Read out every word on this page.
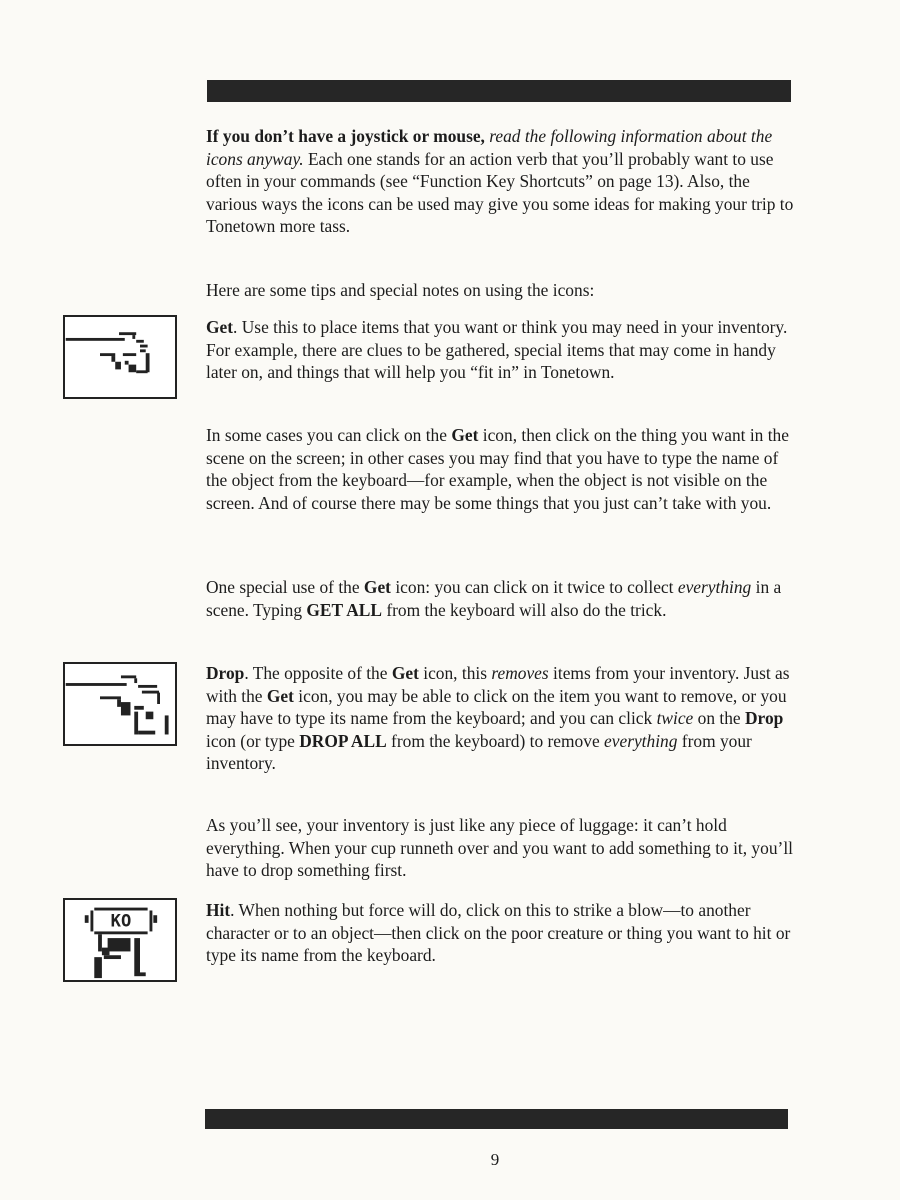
KO

If you don’t have a joystick or mouse, read the following information about the icons anyway. Each one stands for an action verb that you’ll probably want to use often in your commands (see “Function Key Shortcuts” on page 13). Also, the various ways the icons can be used may give you some ideas for making your trip to Tonetown more tass.

Here are some tips and special notes on using the icons:

Get. Use this to place items that you want or think you may need in your inventory. For example, there are clues to be gathered, special items that may come in handy later on, and things that will help you “fit in” in Tonetown.

In some cases you can click on the Get icon, then click on the thing you want in the scene on the screen; in other cases you may find that you have to type the name of the object from the keyboard—for example, when the object is not visible on the screen. And of course there may be some things that you just can’t take with you.

One special use of the Get icon: you can click on it twice to collect everything in a scene. Typing GET ALL from the keyboard will also do the trick.

Drop. The opposite of the Get icon, this removes items from your inventory. Just as with the Get icon, you may be able to click on the item you want to remove, or you may have to type its name from the keyboard; and you can click twice on the Drop icon (or type DROP ALL from the keyboard) to remove everything from your inventory.

As you’ll see, your inventory is just like any piece of luggage: it can’t hold everything. When your cup runneth over and you want to add something to it, you’ll have to drop something first.

Hit. When nothing but force will do, click on this to strike a blow—to another character or to an object—then click on the poor creature or thing you want to hit or type its name from the keyboard.

9
